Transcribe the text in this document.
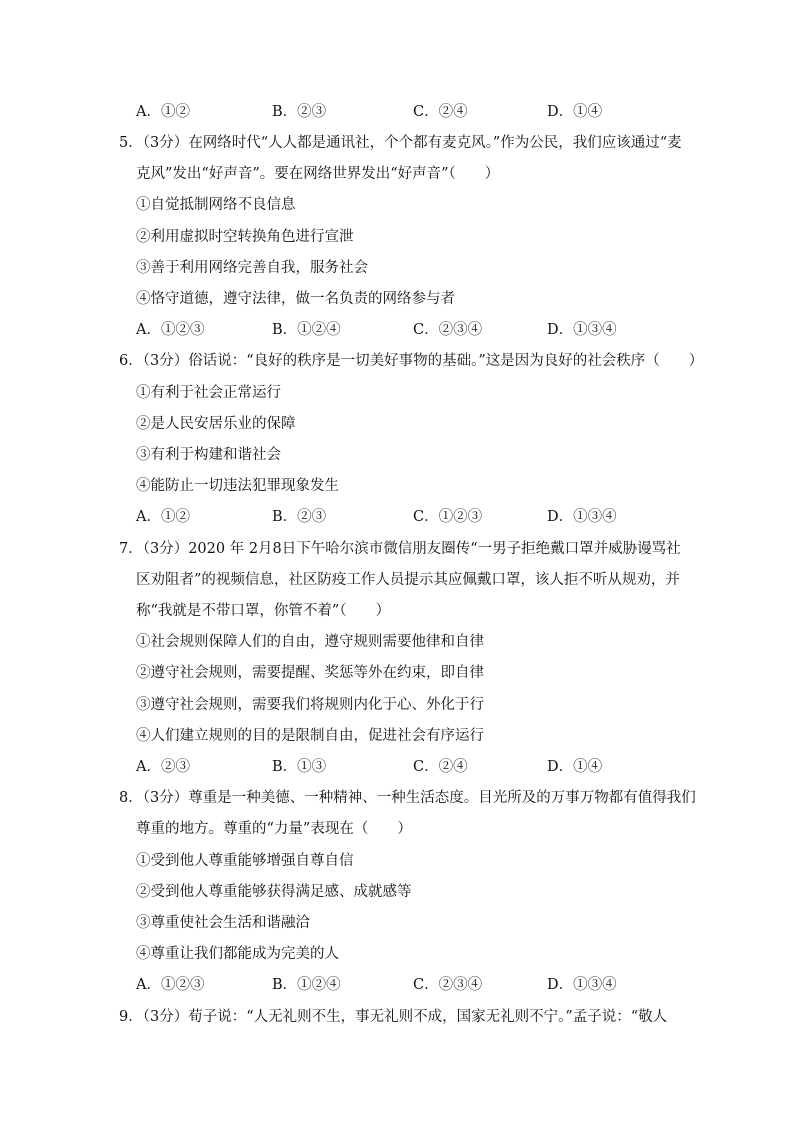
A．①②	B．②③	C．②④	D．①④
5．（3分）在网络时代“人人都是通讯社，个个都有麦克风。”作为公民，我们应该通过“麦
克风”发出“好声音”。要在网络世界发出“好声音”（　　）
①自觉抵制网络不良信息
②利用虚拟时空转换角色进行宣泄
③善于利用网络完善自我，服务社会
④恪守道德，遵守法律，做一名负责的网络参与者
A．①②③	B．①②④	C．②③④	D．①③④
6．（3分）俗话说：“良好的秩序是一切美好事物的基础。”这是因为良好的社会秩序（　　）
①有利于社会正常运行
②是人民安居乐业的保障
③有利于构建和谐社会
④能防止一切违法犯罪现象发生
A．①②	B．②③	C．①②③	D．①③④
7．（3分）2020 年 2月8日下午哈尔滨市微信朋友圈传“一男子拒绝戴口罩并威胁谩骂社
区劝阻者”的视频信息，社区防疫工作人员提示其应佩戴口罩，该人拒不听从规劝，并
称“我就是不带口罩，你管不着”（　　）
①社会规则保障人们的自由，遵守规则需要他律和自律
②遵守社会规则，需要提醒、奖惩等外在约束，即自律
③遵守社会规则，需要我们将规则内化于心、外化于行
④人们建立规则的目的是限制自由，促进社会有序运行
A．②③	B．①③	C．②④	D．①④
8．（3分）尊重是一种美德、一种精神、一种生活态度。目光所及的万事万物都有值得我们
尊重的地方。尊重的“力量”表现在（　　）
①受到他人尊重能够增强自尊自信
②受到他人尊重能够获得满足感、成就感等
③尊重使社会生活和谐融洽
④尊重让我们都能成为完美的人
A．①②③	B．①②④	C．②③④	D．①③④
9．（3分）荀子说：“人无礼则不生，事无礼则不成，国家无礼则不宁。”孟子说：“敬人
